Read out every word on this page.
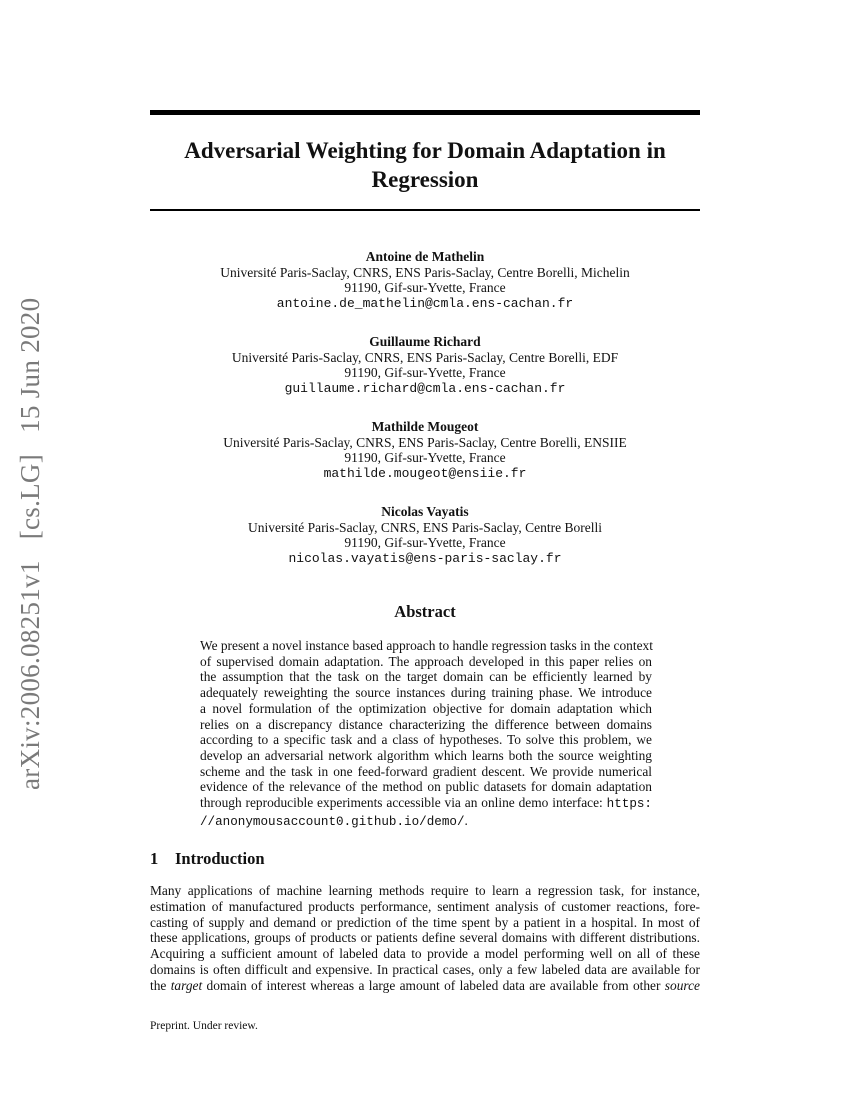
arXiv:2006.08251v1 [cs.LG] 15 Jun 2020
Adversarial Weighting for Domain Adaptation in
Regression
Antoine de Mathelin
Université Paris-Saclay, CNRS, ENS Paris-Saclay, Centre Borelli, Michelin
91190, Gif-sur-Yvette, France
antoine.de_mathelin@cmla.ens-cachan.fr
Guillaume Richard
Université Paris-Saclay, CNRS, ENS Paris-Saclay, Centre Borelli, EDF
91190, Gif-sur-Yvette, France
guillaume.richard@cmla.ens-cachan.fr
Mathilde Mougeot
Université Paris-Saclay, CNRS, ENS Paris-Saclay, Centre Borelli, ENSIIE
91190, Gif-sur-Yvette, France
mathilde.mougeot@ensiie.fr
Nicolas Vayatis
Université Paris-Saclay, CNRS, ENS Paris-Saclay, Centre Borelli
91190, Gif-sur-Yvette, France
nicolas.vayatis@ens-paris-saclay.fr
Abstract
We present a novel instance based approach to handle regression tasks in the context
of supervised domain adaptation. The approach developed in this paper relies on
the assumption that the task on the target domain can be efficiently learned by
adequately reweighting the source instances during training phase. We introduce
a novel formulation of the optimization objective for domain adaptation which
relies on a discrepancy distance characterizing the difference between domains
according to a specific task and a class of hypotheses. To solve this problem, we
develop an adversarial network algorithm which learns both the source weighting
scheme and the task in one feed-forward gradient descent. We provide numerical
evidence of the relevance of the method on public datasets for domain adaptation
through reproducible experiments accessible via an online demo interface: https:
//anonymousaccount0.github.io/demo/.
1 Introduction
Many applications of machine learning methods require to learn a regression task, for instance,
estimation of manufactured products performance, sentiment analysis of customer reactions, fore-
casting of supply and demand or prediction of the time spent by a patient in a hospital. In most of
these applications, groups of products or patients define several domains with different distributions.
Acquiring a sufficient amount of labeled data to provide a model performing well on all of these
domains is often difficult and expensive. In practical cases, only a few labeled data are available for
the target domain of interest whereas a large amount of labeled data are available from other source
Preprint. Under review.
